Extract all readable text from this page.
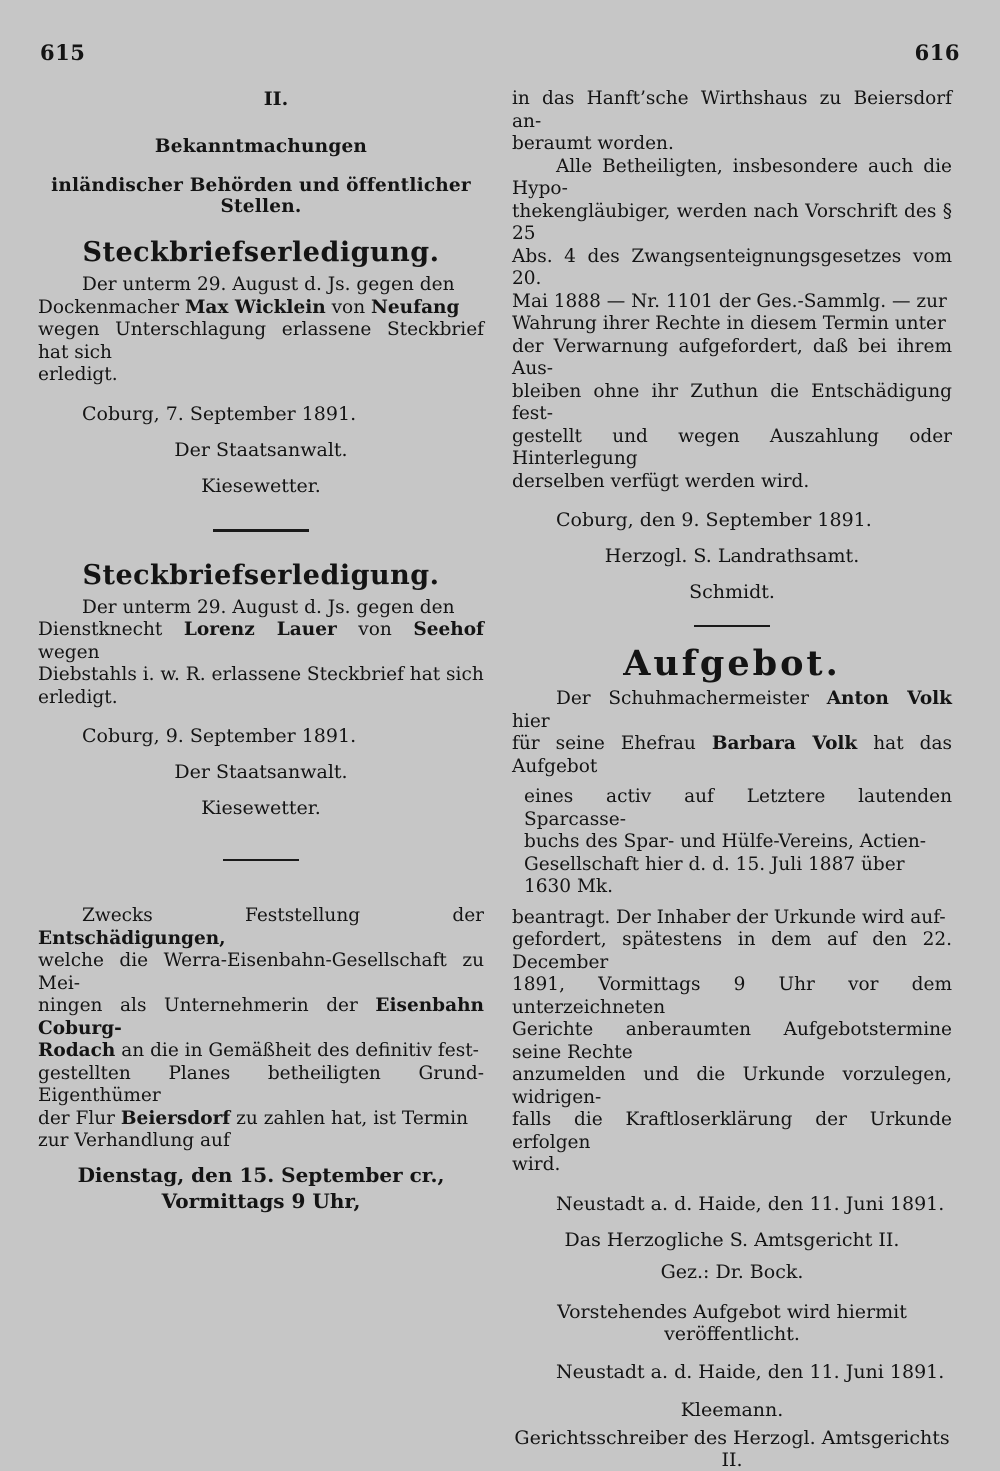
615	616

II.

Bekanntmachungen

inländischer Behörden und öffentlicher Stellen.

Steckbriefserledigung.

Der unterm 29. August d. Js. gegen den

Dockenmacher Max Wicklein von Neufang

wegen Unterschlagung erlassene Steckbrief hat sich

erledigt.

Coburg, 7. September 1891.

Der Staatsanwalt.

Kiesewetter.

Steckbriefserledigung.

Der unterm 29. August d. Js. gegen den

Dienstknecht Lorenz Lauer von Seehof wegen

Diebstahls i. w. R. erlassene Steckbrief hat sich

erledigt.

Coburg, 9. September 1891.

Der Staatsanwalt.

Kiesewetter.

Zwecks Feststellung der Entschädigungen,

welche die Werra-Eisenbahn-Gesellschaft zu Mei-

ningen als Unternehmerin der Eisenbahn Coburg-

Rodach an die in Gemäßheit des definitiv fest-

gestellten Planes betheiligten Grund-Eigenthümer

der Flur Beiersdorf zu zahlen hat, ist Termin

zur Verhandlung auf

Dienstag, den 15. September cr.,

Vormittags 9 Uhr,

in das Hanft’sche Wirthshaus zu Beiersdorf an-

beraumt worden.

Alle Betheiligten, insbesondere auch die Hypo-

thekengläubiger, werden nach Vorschrift des § 25

Abs. 4 des Zwangsenteignungsgesetzes vom 20.

Mai 1888 — Nr. 1101 der Ges.-Sammlg. — zur

Wahrung ihrer Rechte in diesem Termin unter

der Verwarnung aufgefordert, daß bei ihrem Aus-

bleiben ohne ihr Zuthun die Entschädigung fest-

gestellt und wegen Auszahlung oder Hinterlegung

derselben verfügt werden wird.

Coburg, den 9. September 1891.

Herzogl. S. Landrathsamt.

Schmidt.

Aufgebot.

Der Schuhmachermeister Anton Volk hier

für seine Ehefrau Barbara Volk hat das Aufgebot

eines activ auf Letztere lautenden Sparcasse-

buchs des Spar- und Hülfe-Vereins, Actien-

Gesellschaft hier d. d. 15. Juli 1887 über

1630 Mk.

beantragt. Der Inhaber der Urkunde wird auf-

gefordert, spätestens in dem auf den 22. December

1891, Vormittags 9 Uhr vor dem unterzeichneten

Gerichte anberaumten Aufgebotstermine seine Rechte

anzumelden und die Urkunde vorzulegen, widrigen-

falls die Kraftloserklärung der Urkunde erfolgen

wird.

Neustadt a. d. Haide, den 11. Juni 1891.

Das Herzogliche S. Amtsgericht II.

Gez.: Dr. Bock.

Vorstehendes Aufgebot wird hiermit veröffentlicht.

Neustadt a. d. Haide, den 11. Juni 1891.

Kleemann.

Gerichtsschreiber des Herzogl. Amtsgerichts II.
